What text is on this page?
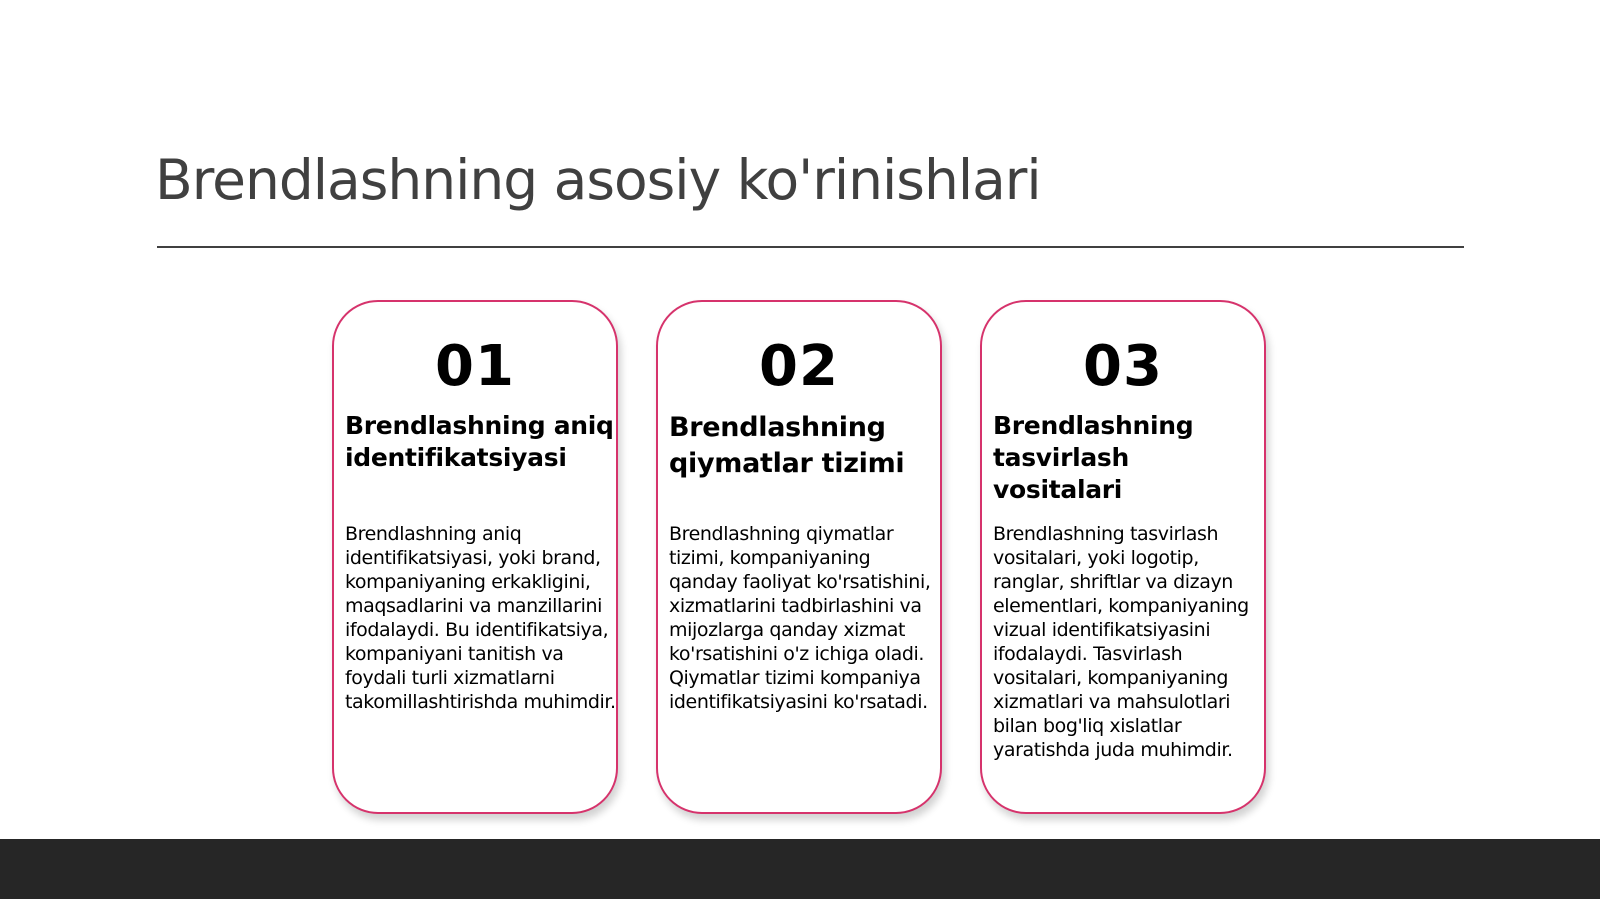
Brendlashning asosiy ko'rinishlari
01
Brendlashning aniq identifikatsiyasi
Brendlashning aniq identifikatsiyasi, yoki brand, kompaniyaning erkakligini, maqsadlarini va manzillarini ifodalaydi. Bu identifikatsiya, kompaniyani tanitish va foydali turli xizmatlarni takomillashtirishda muhimdir.
02
Brendlashning qiymatlar tizimi
Brendlashning qiymatlar tizimi, kompaniyaning qanday faoliyat ko'rsatishini, xizmatlarini tadbirlashini va mijozlarga qanday xizmat ko'rsatishini o'z ichiga oladi. Qiymatlar tizimi kompaniya identifikatsiyasini ko'rsatadi.
03
Brendlashning tasvirlash vositalari
Brendlashning tasvirlash vositalari, yoki logotip, ranglar, shriftlar va dizayn elementlari, kompaniyaning vizual identifikatsiyasini ifodalaydi. Tasvirlash vositalari, kompaniyaning xizmatlari va mahsulotlari bilan bog'liq xislatlar yaratishda juda muhimdir.
